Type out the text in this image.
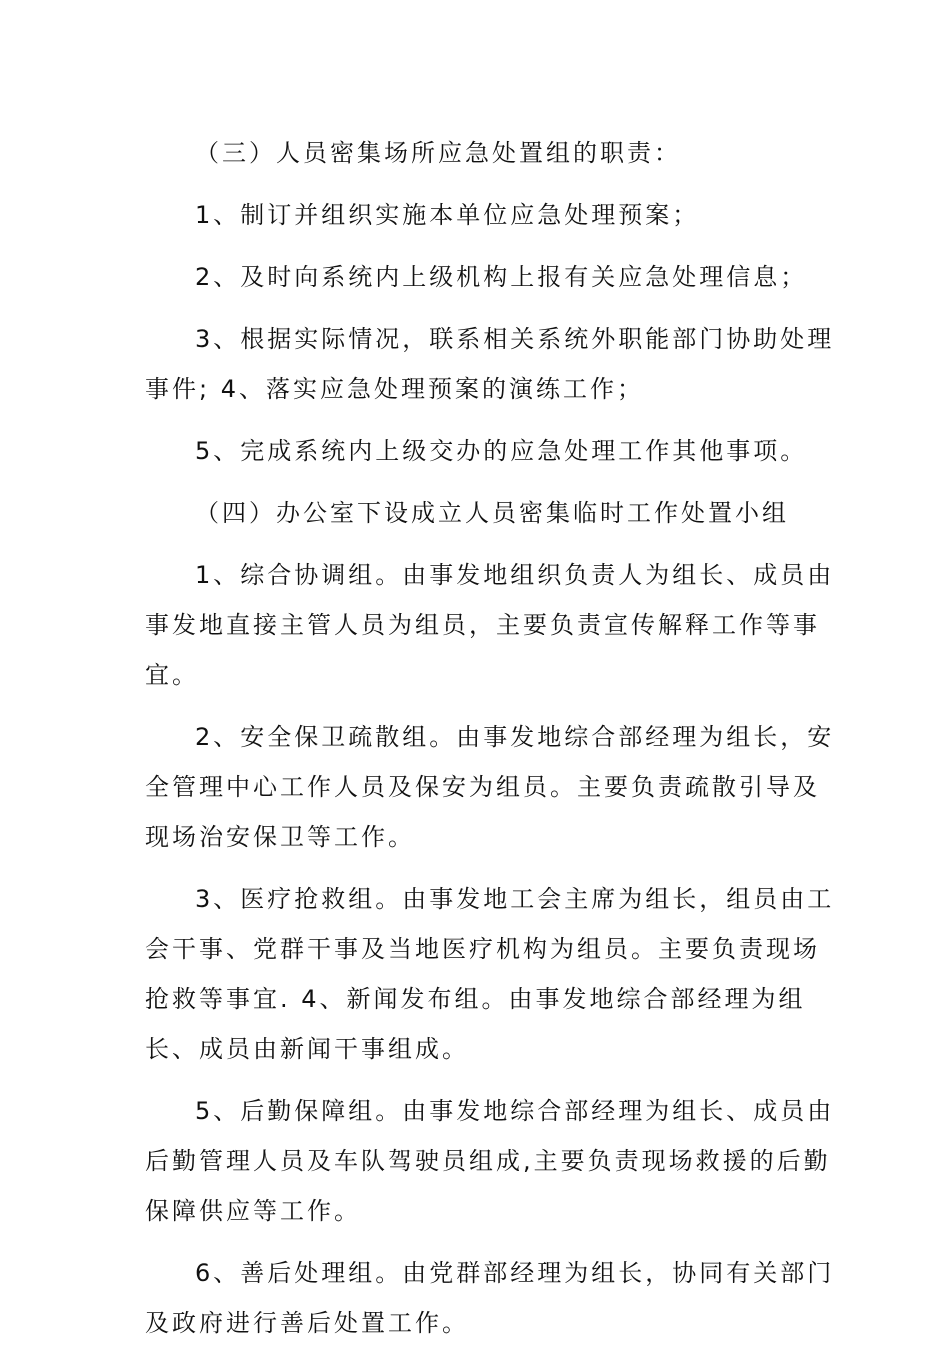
（三）人员密集场所应急处置组的职责：

1、制订并组织实施本单位应急处理预案；

2、及时向系统内上级机构上报有关应急处理信息；

3、根据实际情况，联系相关系统外职能部门协助处理事件; 4、落实应急处理预案的演练工作；

5、完成系统内上级交办的应急处理工作其他事项。

（四）办公室下设成立人员密集临时工作处置小组

1、综合协调组。由事发地组织负责人为组长、成员由事发地直接主管人员为组员，主要负责宣传解释工作等事宜。

2、安全保卫疏散组。由事发地综合部经理为组长，安全管理中心工作人员及保安为组员。主要负责疏散引导及现场治安保卫等工作。

3、医疗抢救组。由事发地工会主席为组长，组员由工会干事、党群干事及当地医疗机构为组员。主要负责现场抢救等事宜. 4、新闻发布组。由事发地综合部经理为组长、成员由新闻干事组成。

5、后勤保障组。由事发地综合部经理为组长、成员由后勤管理人员及车队驾驶员组成,主要负责现场救援的后勤保障供应等工作。

6、善后处理组。由党群部经理为组长，协同有关部门及政府进行善后处置工作。
